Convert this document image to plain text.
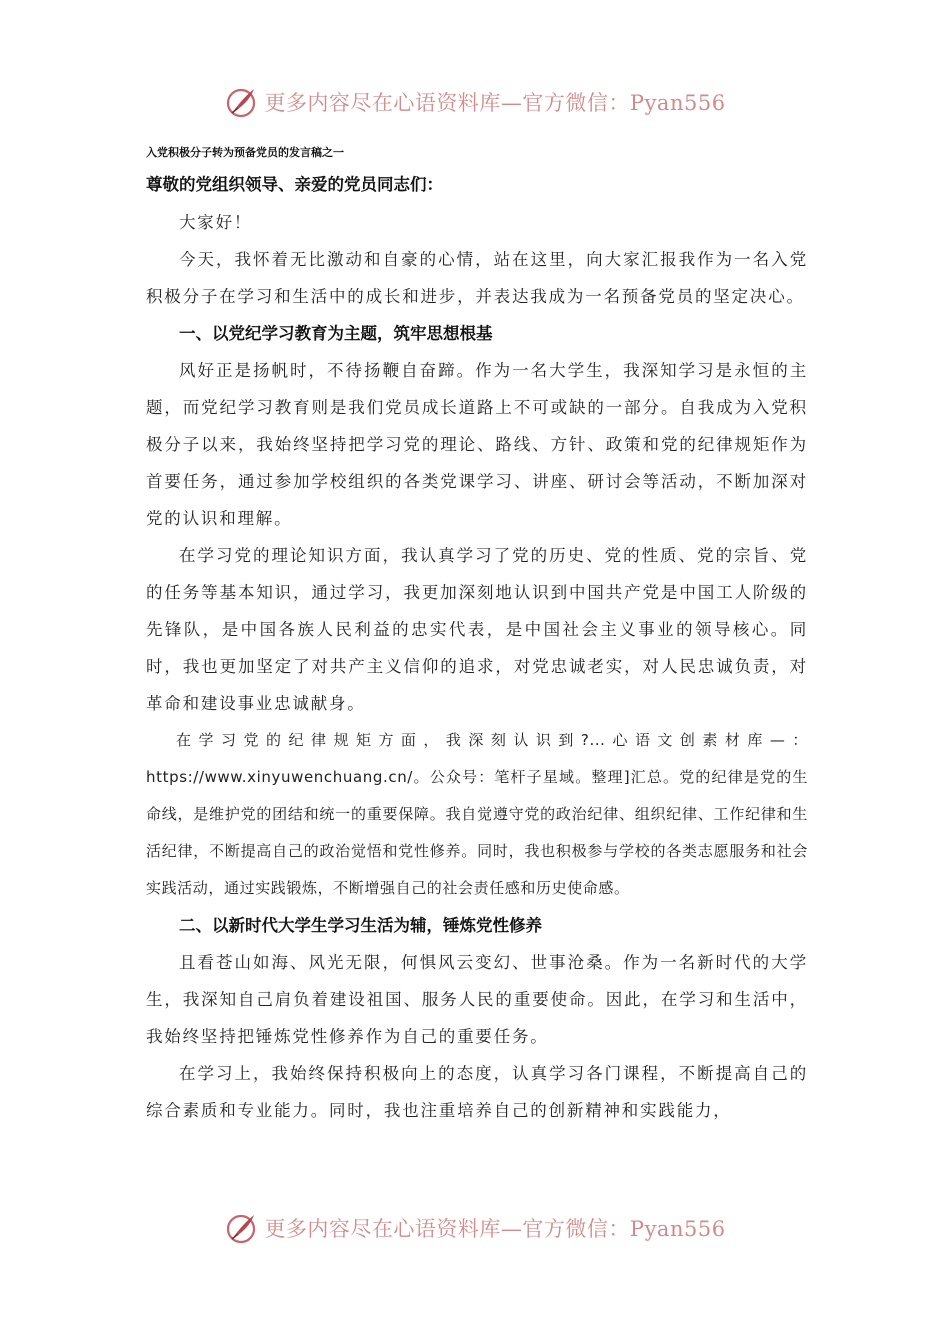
更多内容尽在心语资料库—官方微信：Pyan556

入党积极分子转为预备党员的发言稿之一

尊敬的党组织领导、亲爱的党员同志们：

大家好！

今天，我怀着无比激动和自豪的心情，站在这里，向大家汇报我作为一名入党积极分子在学习和生活中的成长和进步，并表达我成为一名预备党员的坚定决心。

一、以党纪学习教育为主题，筑牢思想根基

风好正是扬帆时，不待扬鞭自奋蹄。作为一名大学生，我深知学习是永恒的主题，而党纪学习教育则是我们党员成长道路上不可或缺的一部分。自我成为入党积极分子以来，我始终坚持把学习党的理论、路线、方针、政策和党的纪律规矩作为首要任务，通过参加学校组织的各类党课学习、讲座、研讨会等活动，不断加深对党的认识和理解。

在学习党的理论知识方面，我认真学习了党的历史、党的性质、党的宗旨、党的任务等基本知识，通过学习，我更加深刻地认识到中国共产党是中国工人阶级的先锋队，是中国各族人民利益的忠实代表，是中国社会主义事业的领导核心。同时，我也更加坚定了对共产主义信仰的追求，对党忠诚老实，对人民忠诚负责，对革命和建设事业忠诚献身。

在学习党的纪律规矩方面，我深刻认识到?...心语文创素材库—：https://www.xinyuwenchuang.cn/。公众号：笔杆子星域。整理]汇总。党的纪律是党的生命线，是维护党的团结和统一的重要保障。我自觉遵守党的政治纪律、组织纪律、工作纪律和生活纪律，不断提高自己的政治觉悟和党性修养。同时，我也积极参与学校的各类志愿服务和社会实践活动，通过实践锻炼，不断增强自己的社会责任感和历史使命感。

二、以新时代大学生学习生活为辅，锤炼党性修养

且看苍山如海、风光无限，何惧风云变幻、世事沧桑。作为一名新时代的大学生，我深知自己肩负着建设祖国、服务人民的重要使命。因此，在学习和生活中，我始终坚持把锤炼党性修养作为自己的重要任务。

在学习上，我始终保持积极向上的态度，认真学习各门课程，不断提高自己的综合素质和专业能力。同时，我也注重培养自己的创新精神和实践能力，

更多内容尽在心语资料库—官方微信：Pyan556
